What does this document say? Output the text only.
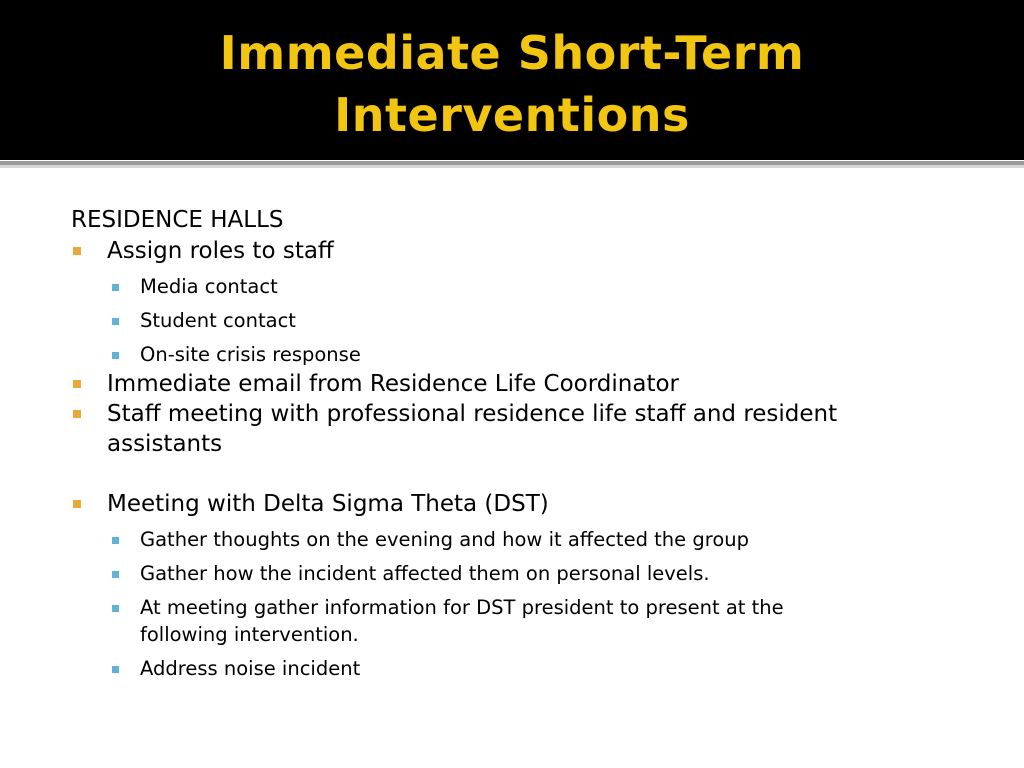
Immediate Short-Term
Interventions
RESIDENCE HALLS
Assign roles to staff
Media contact
Student contact
On-site crisis response
Immediate email from Residence Life Coordinator
Staff meeting with professional residence life staff and resident
assistants
Meeting with Delta Sigma Theta (DST)
Gather thoughts on the evening and how it affected the group
Gather how the incident affected them on personal levels.
At meeting gather information for DST president to present at the
following intervention.
Address noise incident
